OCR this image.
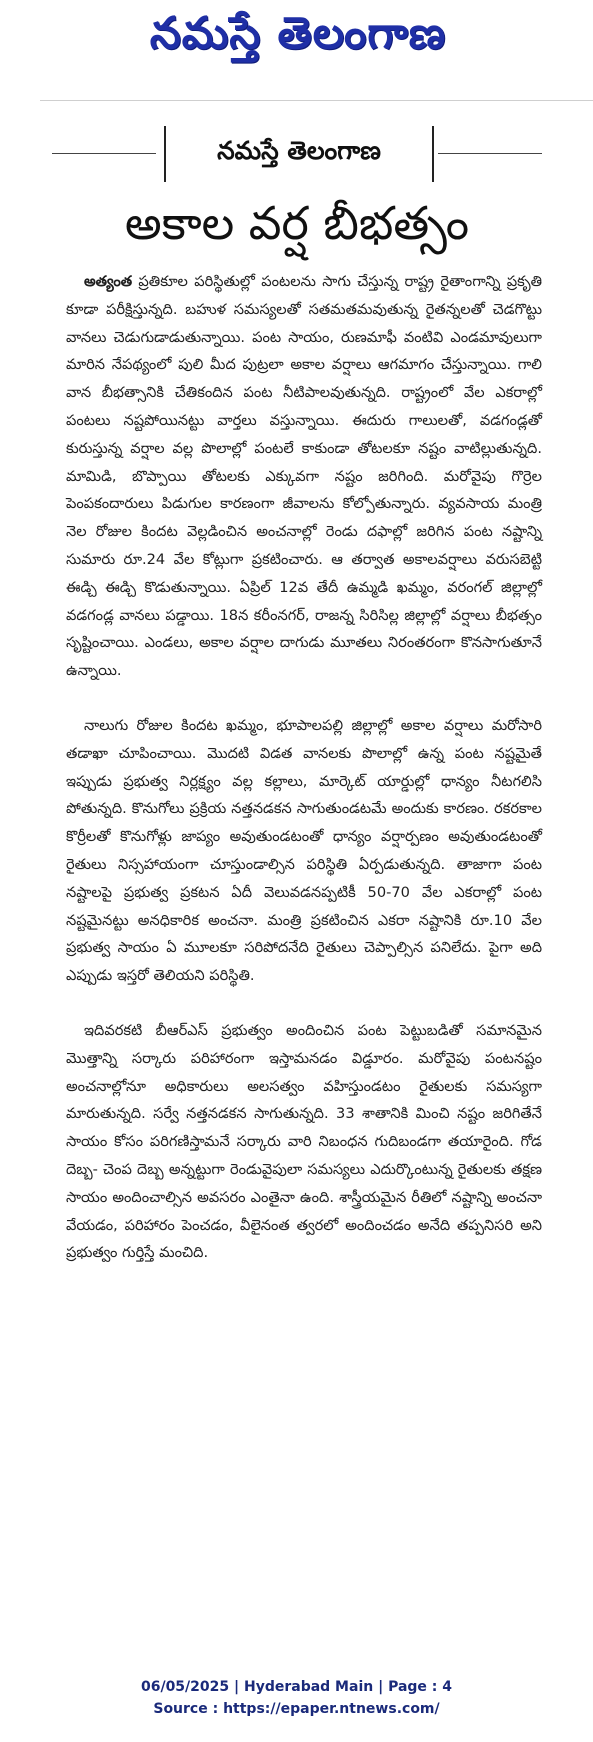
నమస్తే తెలంగాణ
నమస్తే తెలంగాణ
అకాల వర్ష బీభత్సం

అత్యంత ప్రతికూల పరిస్థితుల్లో పంటలను సాగు చేస్తున్న రాష్ట్ర రైతాంగాన్ని ప్రకృతి కూడా పరీక్షిస్తున్నది. బహుళ సమస్యలతో సతమతమవుతున్న రైతన్నలతో చెడగొట్టు వానలు చెడుగుడాడుతున్నాయి. పంట సాయం, రుణమాఫీ వంటివి ఎండమావులుగా మారిన నేపథ్యంలో పులి మీద పుట్రలా అకాల వర్షాలు ఆగమాగం చేస్తున్నాయి. గాలి వాన బీభత్సానికి చేతికందిన పంట నీటిపాలవుతున్నది. రాష్ట్రంలో వేల ఎకరాల్లో పంటలు నష్టపోయినట్టు వార్తలు వస్తున్నాయి. ఈదురు గాలులతో, వడగండ్లతో కురుస్తున్న వర్షాల వల్ల పొలాల్లో పంటలే కాకుండా తోటలకూ నష్టం వాటిల్లుతున్నది. మామిడి, బొప్పాయి తోటలకు ఎక్కువగా నష్టం జరిగింది. మరోవైపు గొర్రెల పెంపకందారులు పిడుగుల కారణంగా జీవాలను కోల్పోతున్నారు. వ్యవసాయ మంత్రి నెల రోజుల కిందట వెల్లడించిన అంచనాల్లో రెండు దఫాల్లో జరిగిన పంట నష్టాన్ని సుమారు రూ.24 వేల కోట్లుగా ప్రకటించారు. ఆ తర్వాత అకాలవర్షాలు వరుసబెట్టి ఈడ్చి ఈడ్చి కొడుతున్నాయి. ఏప్రిల్ 12వ తేదీ ఉమ్మడి ఖమ్మం, వరంగల్ జిల్లాల్లో వడగండ్ల వానలు పడ్డాయి. 18న కరీంనగర్, రాజన్న సిరిసిల్ల జిల్లాల్లో వర్షాలు బీభత్సం సృష్టించాయి. ఎండలు, అకాల వర్షాల దాగుడు మూతలు నిరంతరంగా కొనసాగుతూనే ఉన్నాయి.

నాలుగు రోజుల కిందట ఖమ్మం, భూపాలపల్లి జిల్లాల్లో అకాల వర్షాలు మరోసారి తడాఖా చూపించాయి. మొదటి విడత వానలకు పొలాల్లో ఉన్న పంట నష్టమైతే ఇప్పుడు ప్రభుత్వ నిర్లక్ష్యం వల్ల కల్లాలు, మార్కెట్ యార్డుల్లో ధాన్యం నీటగలిసి పోతున్నది. కొనుగోలు ప్రక్రియ నత్తనడకన సాగుతుండటమే అందుకు కారణం. రకరకాల కొర్రీలతో కొనుగోళ్లు జాప్యం అవుతుండటంతో ధాన్యం వర్షార్పణం అవుతుండటంతో రైతులు నిస్సహాయంగా చూస్తుండాల్సిన పరిస్థితి ఏర్పడుతున్నది. తాజాగా పంట నష్టాలపై ప్రభుత్వ ప్రకటన ఏదీ వెలువడనప్పటికీ 50-70 వేల ఎకరాల్లో పంట నష్టమైనట్టు అనధికారిక అంచనా. మంత్రి ప్రకటించిన ఎకరా నష్టానికి రూ.10 వేల ప్రభుత్వ సాయం ఏ మూలకూ సరిపోదనేది రైతులు చెప్పాల్సిన పనిలేదు. పైగా అది ఎప్పుడు ఇస్తరో తెలియని పరిస్థితి.

ఇదివరకటి బీఆర్ఎస్ ప్రభుత్వం అందించిన పంట పెట్టుబడితో సమానమైన మొత్తాన్ని సర్కారు పరిహారంగా ఇస్తామనడం విడ్డూరం. మరోవైపు పంటనష్టం అంచనాల్లోనూ అధికారులు అలసత్వం వహిస్తుండటం రైతులకు సమస్యగా మారుతున్నది. సర్వే నత్తనడకన సాగుతున్నది. 33 శాతానికి మించి నష్టం జరిగితేనే సాయం కోసం పరిగణిస్తామనే సర్కారు వారి నిబంధన గుదిబండగా తయారైంది. గోడ దెబ్బ- చెంప దెబ్బ అన్నట్టుగా రెండువైపులా సమస్యలు ఎదుర్కొంటున్న రైతులకు తక్షణ సాయం అందించాల్సిన అవసరం ఎంతైనా ఉంది. శాస్త్రీయమైన రీతిలో నష్టాన్ని అంచనా వేయడం, పరిహారం పెంచడం, వీలైనంత త్వరలో అందించడం అనేది తప్పనిసరి అని ప్రభుత్వం గుర్తిస్తే మంచిది.

06/05/2025 | Hyderabad Main | Page : 4
Source : https://epaper.ntnews.com/
